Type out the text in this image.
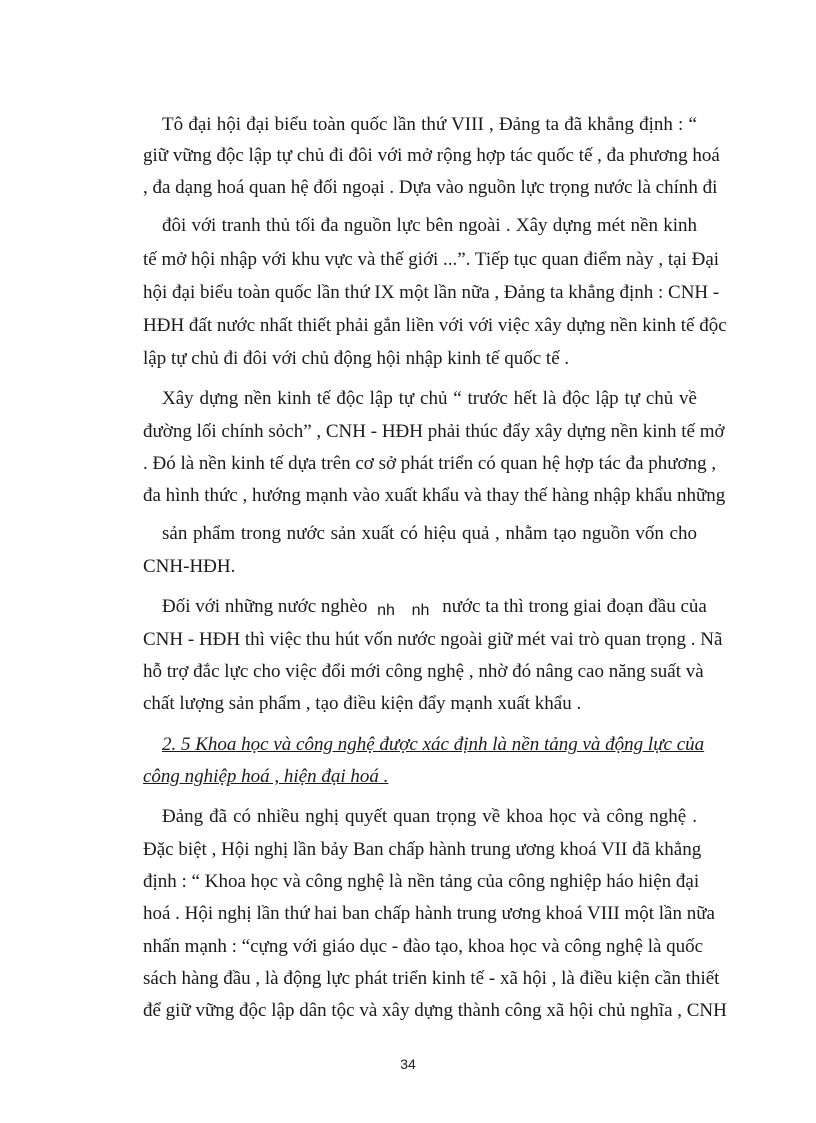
Tô đại hội đại biểu toàn quốc lần thứ VIII , Đảng ta đã khẳng định : “

giữ vững độc lập tự chủ đi đôi với mở rộng hợp tác quốc tế , đa phương hoá

, đa dạng hoá quan hệ đối ngoại . Dựa vào nguồn lực trọng nước là chính đi

đôi với tranh thủ tối đa nguồn lực bên ngoài . Xây dựng mét nền kinh

tế mở hội nhập với khu vực và thế giới ...”. Tiếp tục quan điểm này , tại Đại

hội đại biểu toàn quốc lần thứ IX một lần nữa , Đảng ta khẳng định : CNH -

HĐH đất nước nhất thiết phải gắn liền với với việc xây dựng nền kinh tế độc

lập tự chủ đi đôi với chủ động hội nhập kinh tế quốc tế .

Xây dựng nền kinh tế độc lập tự chủ “ trước hết là độc lập tự chủ về

đường lối chính sỏch” , CNH - HĐH phải thúc đẩy xây dựng nền kinh tế mở

. Đó là nền kinh tế dựa trên cơ sở phát triển có quan hệ hợp tác đa phương ,

đa hình thức , hướng mạnh vào xuất khẩu và thay thế hàng nhập khẩu những

sản phẩm trong nước sản xuất có hiệu quả , nhằm tạo nguồn vốn cho

CNH-HĐH.

Đối với những nước nghèo nh nh nước ta thì trong giai đoạn đầu của

CNH - HĐH thì việc thu hút vốn nước ngoài giữ mét vai trò quan trọng . Nã

hỗ trợ đắc lực cho việc đổi mới công nghệ , nhờ đó nâng cao năng suất và

chất lượng sản phẩm , tạo điều kiện đẩy mạnh xuất khẩu .

2. 5 Khoa học và công nghệ được xác định là nền tảng và động lực của

công nghiệp hoá , hiện đại hoá .

Đảng đã có nhiều nghị quyết quan trọng về khoa học và công nghệ .

Đặc biệt , Hội nghị lần bảy Ban chấp hành trung ương khoá VII đã khẳng

định : “ Khoa học và công nghệ là nền tảng của công nghiệp háo hiện đại

hoá . Hội nghị lần thứ hai ban chấp hành trung ương khoá VIII một lần nữa

nhấn mạnh : “cựng với giáo dục - đào tạo, khoa học và công nghệ là quốc

sách hàng đầu , là động lực phát triển kinh tế - xã hội , là điều kiện cần thiết

để giữ vững độc lập dân tộc và xây dựng thành công xã hội chủ nghĩa , CNH

34
